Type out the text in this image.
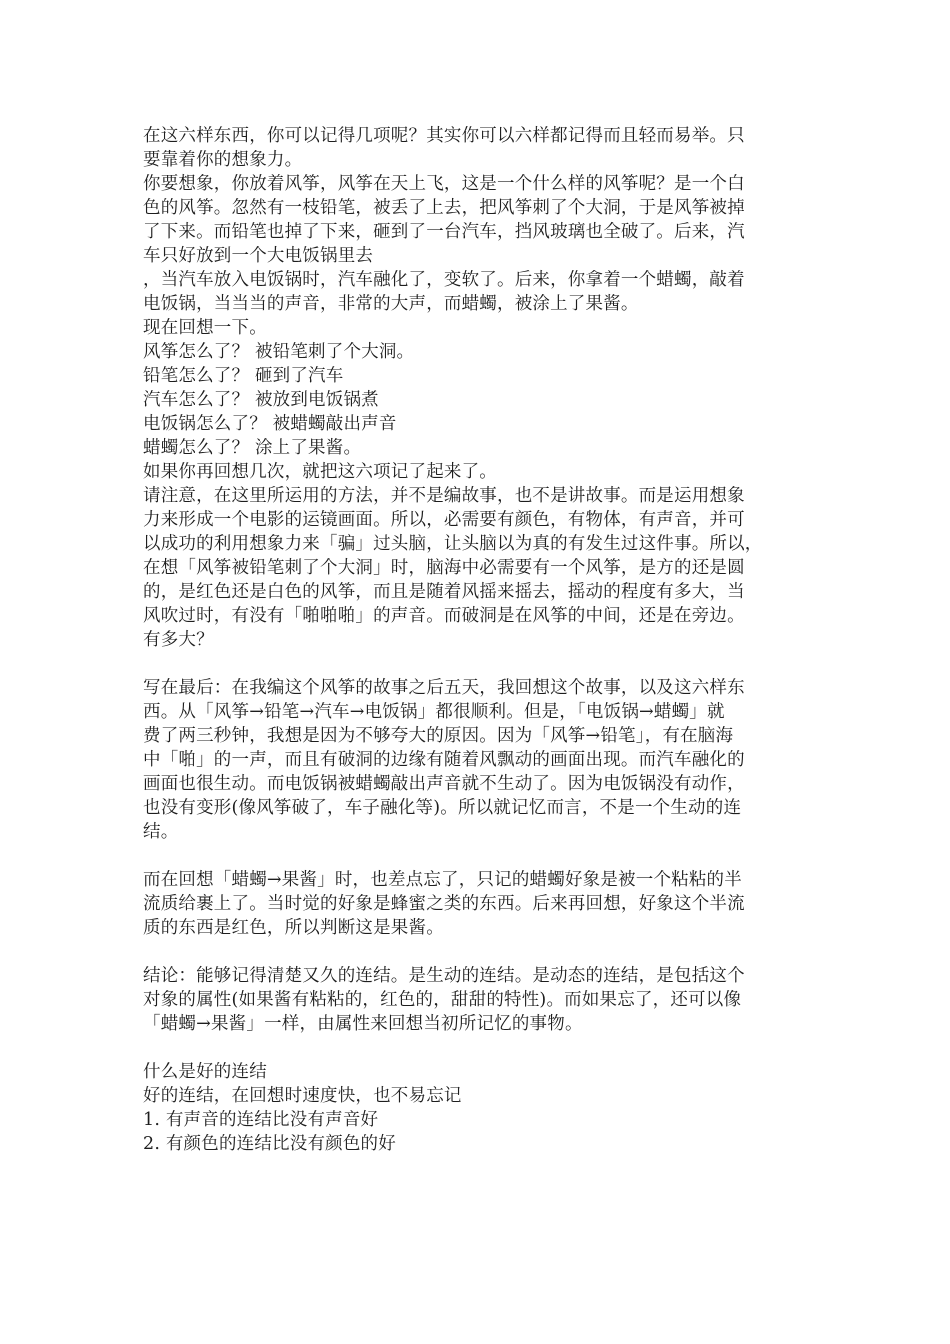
在这六样东西，你可以记得几项呢？其实你可以六样都记得而且轻而易举。只
要靠着你的想象力。
你要想象，你放着风筝，风筝在天上飞，这是一个什么样的风筝呢？是一个白
色的风筝。忽然有一枝铅笔，被丢了上去，把风筝刺了个大洞，于是风筝被掉
了下来。而铅笔也掉了下来，砸到了一台汽车，挡风玻璃也全破了。后来，汽
车只好放到一个大电饭锅里去
，当汽车放入电饭锅时，汽车融化了，变软了。后来，你拿着一个蜡蠋，敲着
电饭锅，当当当的声音，非常的大声，而蜡蠋，被涂上了果酱。
现在回想一下。
风筝怎么了？ 被铅笔刺了个大洞。
铅笔怎么了？ 砸到了汽车
汽车怎么了？ 被放到电饭锅煮
电饭锅怎么了？ 被蜡蠋敲出声音
蜡蠋怎么了？ 涂上了果酱。
如果你再回想几次，就把这六项记了起来了。
请注意，在这里所运用的方法，并不是编故事，也不是讲故事。而是运用想象
力来形成一个电影的运镜画面。所以，必需要有颜色，有物体，有声音，并可
以成功的利用想象力来「骗」过头脑，让头脑以为真的有发生过这件事。所以，
在想「风筝被铅笔刺了个大洞」时，脑海中必需要有一个风筝，是方的还是圆
的，是红色还是白色的风筝，而且是随着风摇来摇去，摇动的程度有多大，当
风吹过时，有没有「啪啪啪」的声音。而破洞是在风筝的中间，还是在旁边。
有多大？
写在最后：在我编这个风筝的故事之后五天，我回想这个故事，以及这六样东
西。从「风筝→铅笔→汽车→电饭锅」都很顺利。但是，「电饭锅→蜡蠋」就
费了两三秒钟，我想是因为不够夸大的原因。因为「风筝→铅笔」，有在脑海
中「啪」的一声，而且有破洞的边缘有随着风飘动的画面出现。而汽车融化的
画面也很生动。而电饭锅被蜡蠋敲出声音就不生动了。因为电饭锅没有动作，
也没有变形(像风筝破了，车子融化等)。所以就记忆而言，不是一个生动的连
结。
而在回想「蜡蠋→果酱」时，也差点忘了，只记的蜡蠋好象是被一个粘粘的半
流质给裹上了。当时觉的好象是蜂蜜之类的东西。后来再回想，好象这个半流
质的东西是红色，所以判断这是果酱。
结论：能够记得清楚又久的连结。是生动的连结。是动态的连结，是包括这个
对象的属性(如果酱有粘粘的，红色的，甜甜的特性)。而如果忘了，还可以像
「蜡蠋→果酱」一样，由属性来回想当初所记忆的事物。
什么是好的连结
好的连结，在回想时速度快，也不易忘记
1. 有声音的连结比没有声音好
2. 有颜色的连结比没有颜色的好
